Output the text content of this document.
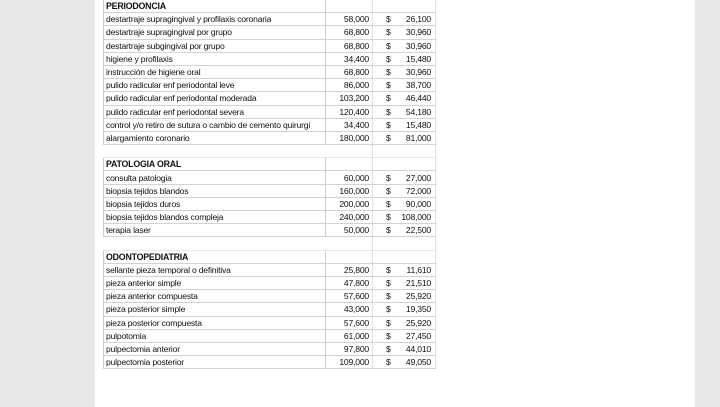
PERIODONCIA			
destartraje supragingival y profilaxis coronaria	58,000	$	26,100
destartraje supragingival por grupo	68,800	$	30,960
destartraje subgingival por grupo	68,800	$	30,960
higiene y profilaxis	34,400	$	15,480
instrucción de higiene oral	68,800	$	30,960
pulido radicular enf periodontal leve	86,000	$	38,700
pulido radicular enf periodontal moderada	103,200	$	46,440
pulido radicular enf periodontal severa	120,400	$	54,180
control y/o retiro de sutura o cambio de cemento quirurgi	34,400	$	15,480
alargamiento coronario	180,000	$	81,000

PATOLOGIA ORAL			
consulta patologia	60,000	$	27,000
biopsia tejidos blandos	160,000	$	72,000
biopsia tejidos duros	200,000	$	90,000
biopsia tejidos blandos compleja	240,000	$	108,000
terapia laser	50,000	$	22,500

ODONTOPEDIATRIA			
sellante pieza temporal o definitiva	25,800	$	11,610
pieza anterior simple	47,800	$	21,510
pieza anterior compuesta	57,600	$	25,920
pieza posterior simple	43,000	$	19,350
pieza posterior compuesta	57,600	$	25,920
pulpotomia	61,000	$	27,450
pulpectomia anterior	97,800	$	44,010
pulpectomia posterior	109,000	$	49,050
